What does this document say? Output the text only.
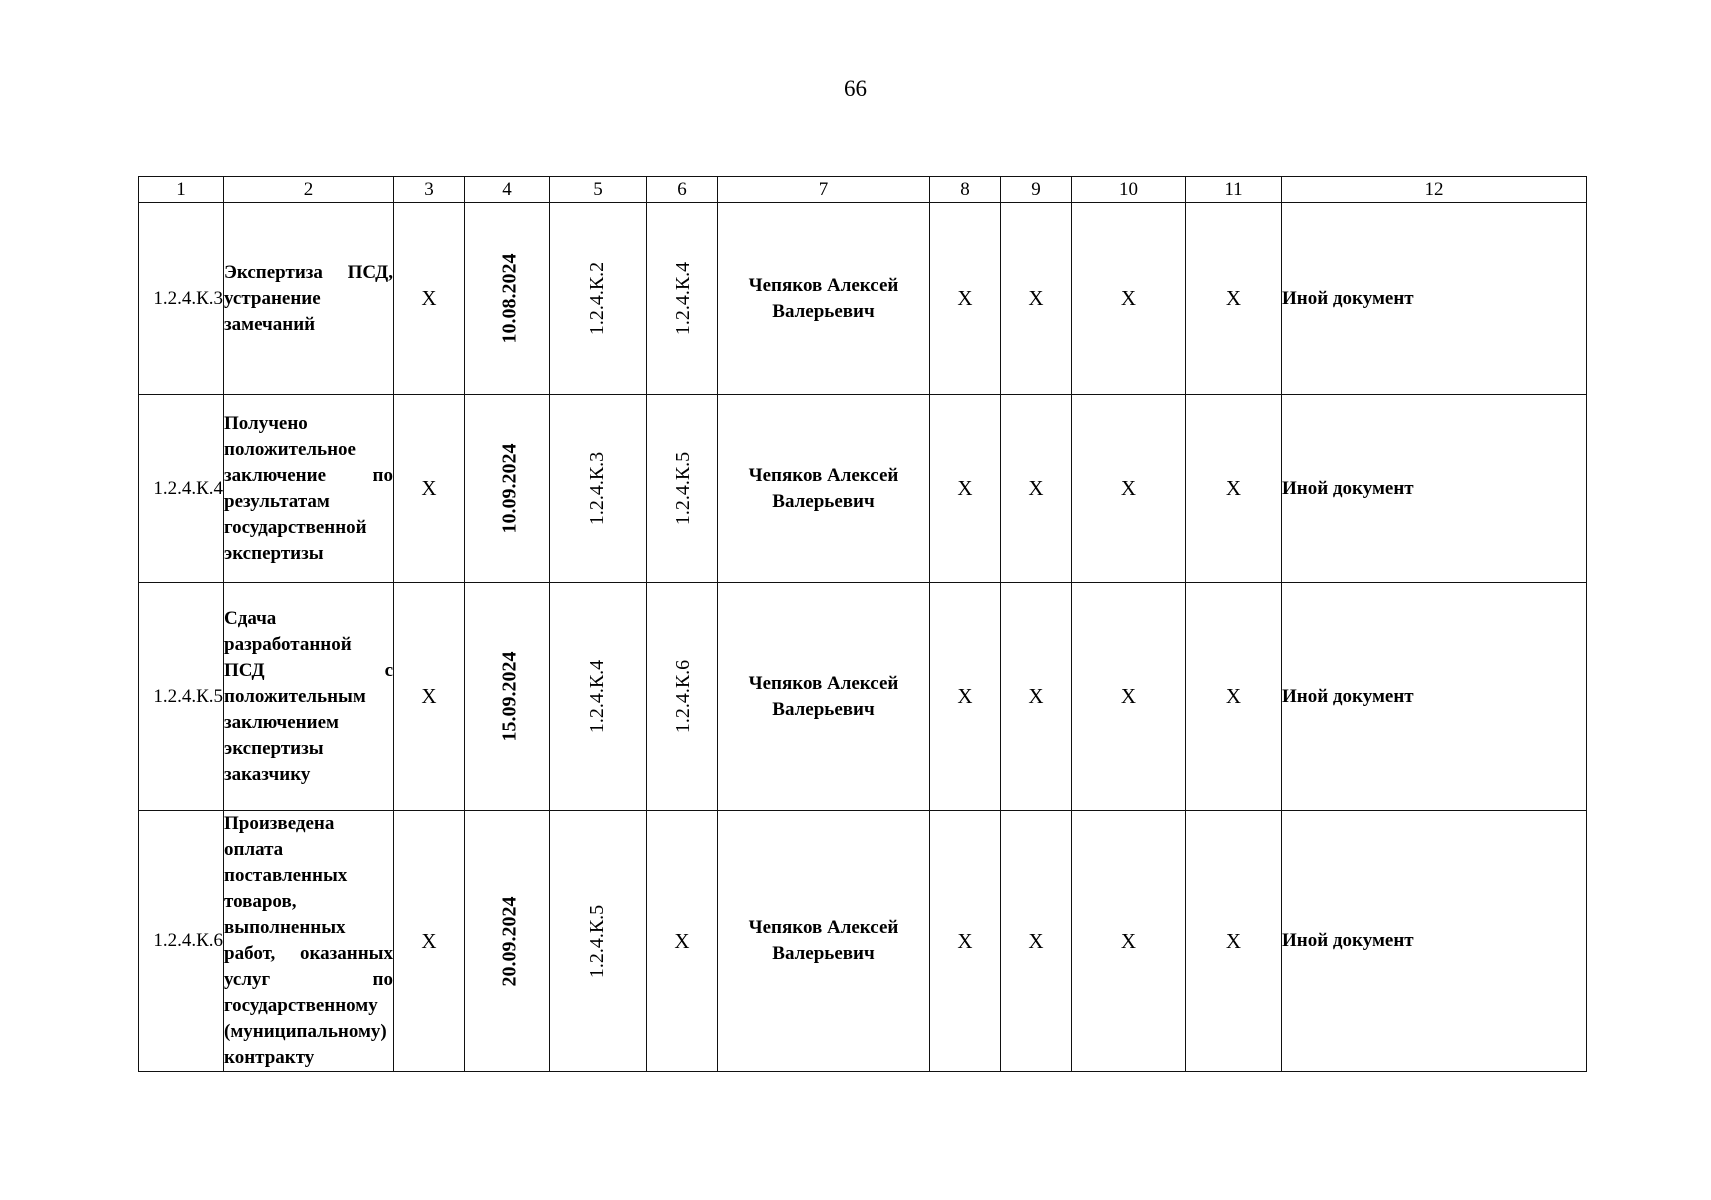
66
1	2	3	4	5	6	7	8	9	10	11	12
1.2.4.К.3	Экспертиза ПСД, устранение замечаний	X	10.08.2024	1.2.4.К.2	1.2.4.К.4	Чепяков Алексей Валерьевич	X	X	X	X	Иной документ
1.2.4.К.4	Получено положительное заключение по результатам государственной экспертизы	X	10.09.2024	1.2.4.К.3	1.2.4.К.5	Чепяков Алексей Валерьевич	X	X	X	X	Иной документ
1.2.4.К.5	Сдача разработанной ПСД с положительным заключением экспертизы заказчику	X	15.09.2024	1.2.4.К.4	1.2.4.К.6	Чепяков Алексей Валерьевич	X	X	X	X	Иной документ
1.2.4.К.6	Произведена оплата поставленных товаров, выполненных работ, оказанных услуг по государственному (муниципальному) контракту	X	20.09.2024	1.2.4.К.5	X	Чепяков Алексей Валерьевич	X	X	X	X	Иной документ
